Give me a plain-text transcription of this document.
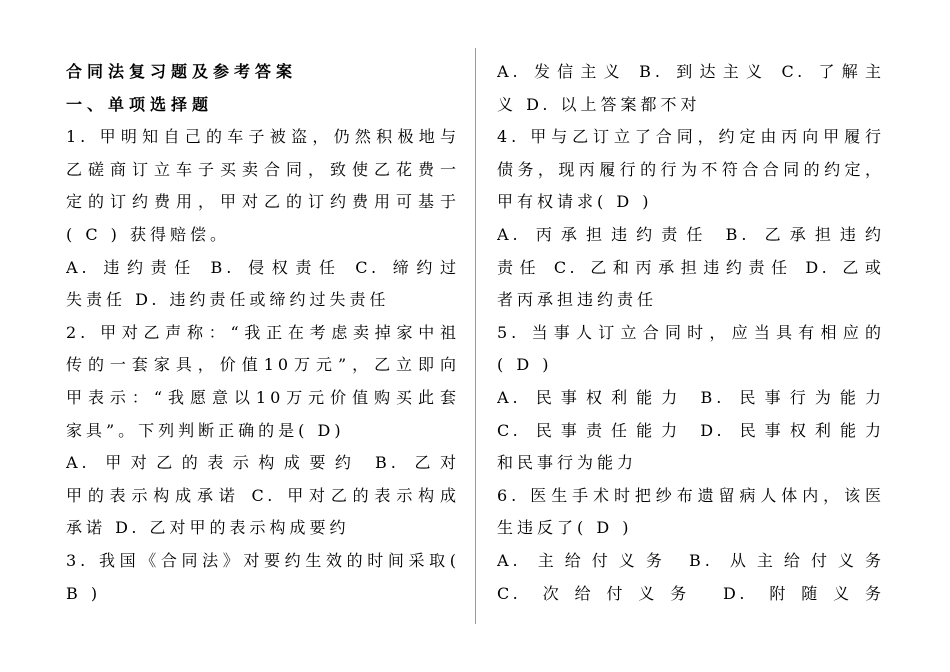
合同法复习题及参考答案
一、单项选择题
1. 甲明知自己的车子被盗，仍然积极地与
乙磋商订立车子买卖合同，致使乙花费一
定的订约费用，甲对乙的订约费用可基于
( C ) 获得赔偿。
A. 违约责任 B. 侵权责任 C. 缔约过
失责任 D. 违约责任或缔约过失责任
2. 甲对乙声称：“我正在考虑卖掉家中祖
传的一套家具，价值10万元”，乙立即向
甲表示：“我愿意以10万元价值购买此套
家具”。下列判断正确的是( D)
A. 甲对乙的表示构成要约 B. 乙对
甲的表示构成承诺 C. 甲对乙的表示构成
承诺 D. 乙对甲的表示构成要约
3. 我国《合同法》对要约生效的时间采取(
B )
A. 发信主义 B. 到达主义 C. 了解主
义 D. 以上答案都不对
4. 甲与乙订立了合同，约定由丙向甲履行
债务，现丙履行的行为不符合合同的约定，
甲有权请求( D )
A. 丙承担违约责任 B. 乙承担违约
责任 C. 乙和丙承担违约责任 D. 乙或
者丙承担违约责任
5. 当事人订立合同时，应当具有相应的
( D )
A. 民事权利能力 B. 民事行为能力
C. 民事责任能力 D. 民事权利能力
和民事行为能力
6. 医生手术时把纱布遗留病人体内，该医
生违反了( D )
A. 主给付义务 B. 从主给付义务
C. 次给付义务 D. 附随义务
